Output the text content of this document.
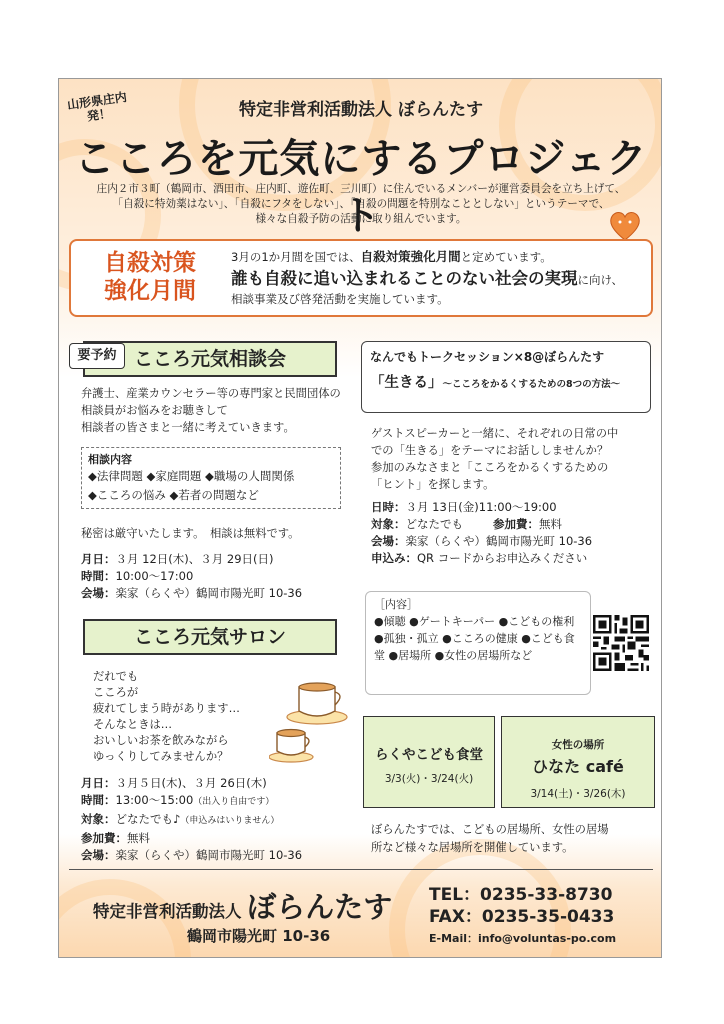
山形県庄内発！	特定非営利活動法人 ぼらんたす
こころを元気にするプロジェクト
庄内２市３町（鶴岡市、酒田市、庄内町、遊佐町、三川町）に住んでいるメンバーが運営委員会を立ち上げて、
「自殺に特効薬はない」、「自殺にフタをしない」、「自殺の問題を特別なこととしない」というテーマで、
様々な自殺予防の活動に取り組んでいます。
自殺対策
強化月間
3月の1か月間を国では、自殺対策強化月間と定めています。
誰も自殺に追い込まれることのない社会の実現に向け、
相談事業及び啓発活動を実施しています。
要予約 こころ元気相談会
弁護士、産業カウンセラー等の専門家と民間団体の
相談員がお悩みをお聴きして
相談者の皆さまと一緒に考えていきます。
相談内容
◆法律問題 ◆家庭問題 ◆職場の人間関係
◆こころの悩み ◆若者の問題など
秘密は厳守いたします。　相談は無料です。
月日：３月 12日(木)、３月 29日(日)
時間：10:00～17:00
会場：楽家（らくや）鶴岡市陽光町 10-36
こころ元気サロン
だれでも
こころが
疲れてしまう時があります…
そんなときは…
おいしいお茶を飲みながら
ゆっくりしてみませんか？
月日：３月５日(木)、３月 26日(木)
時間：13:00～15:00（出入り自由です）
対象：どなたでも♪（申込みはいりません）
参加費：無料
会場：楽家（らくや）鶴岡市陽光町 10-36
なんでもトークセッション×8@ぼらんたす
「生きる」～こころをかるくするための8つの方法～
ゲストスピーカーと一緒に、それぞれの日常の中
での「生きる」をテーマにお話ししませんか？
参加のみなさまと「こころをかるくするための
「ヒント」を探します。
日時：３月 13日(金)11:00～19:00
対象：どなたでも	参加費：無料
会場：楽家（らくや）鶴岡市陽光町 10-36
申込み：QR コードからお申込みください
［内容］
●傾聴 ●ゲートキーパー ●こどもの権利 ●孤独・孤立 ●こころの健康 ●こども食堂 ●居場所 ●女性の居場所など
らくやこども食堂
3/3(火)・3/24(火)
女性の場所
ひなた café
3/14(土)・3/26(木)
ぼらんたすでは、こどもの居場所、女性の居場
所など様々な居場所を開催しています。
特定非営利活動法人 ぼらんたす
鶴岡市陽光町 10-36
TEL：0235-33-8730
FAX：0235-35-0433
E-Mail：info@voluntas-po.com
